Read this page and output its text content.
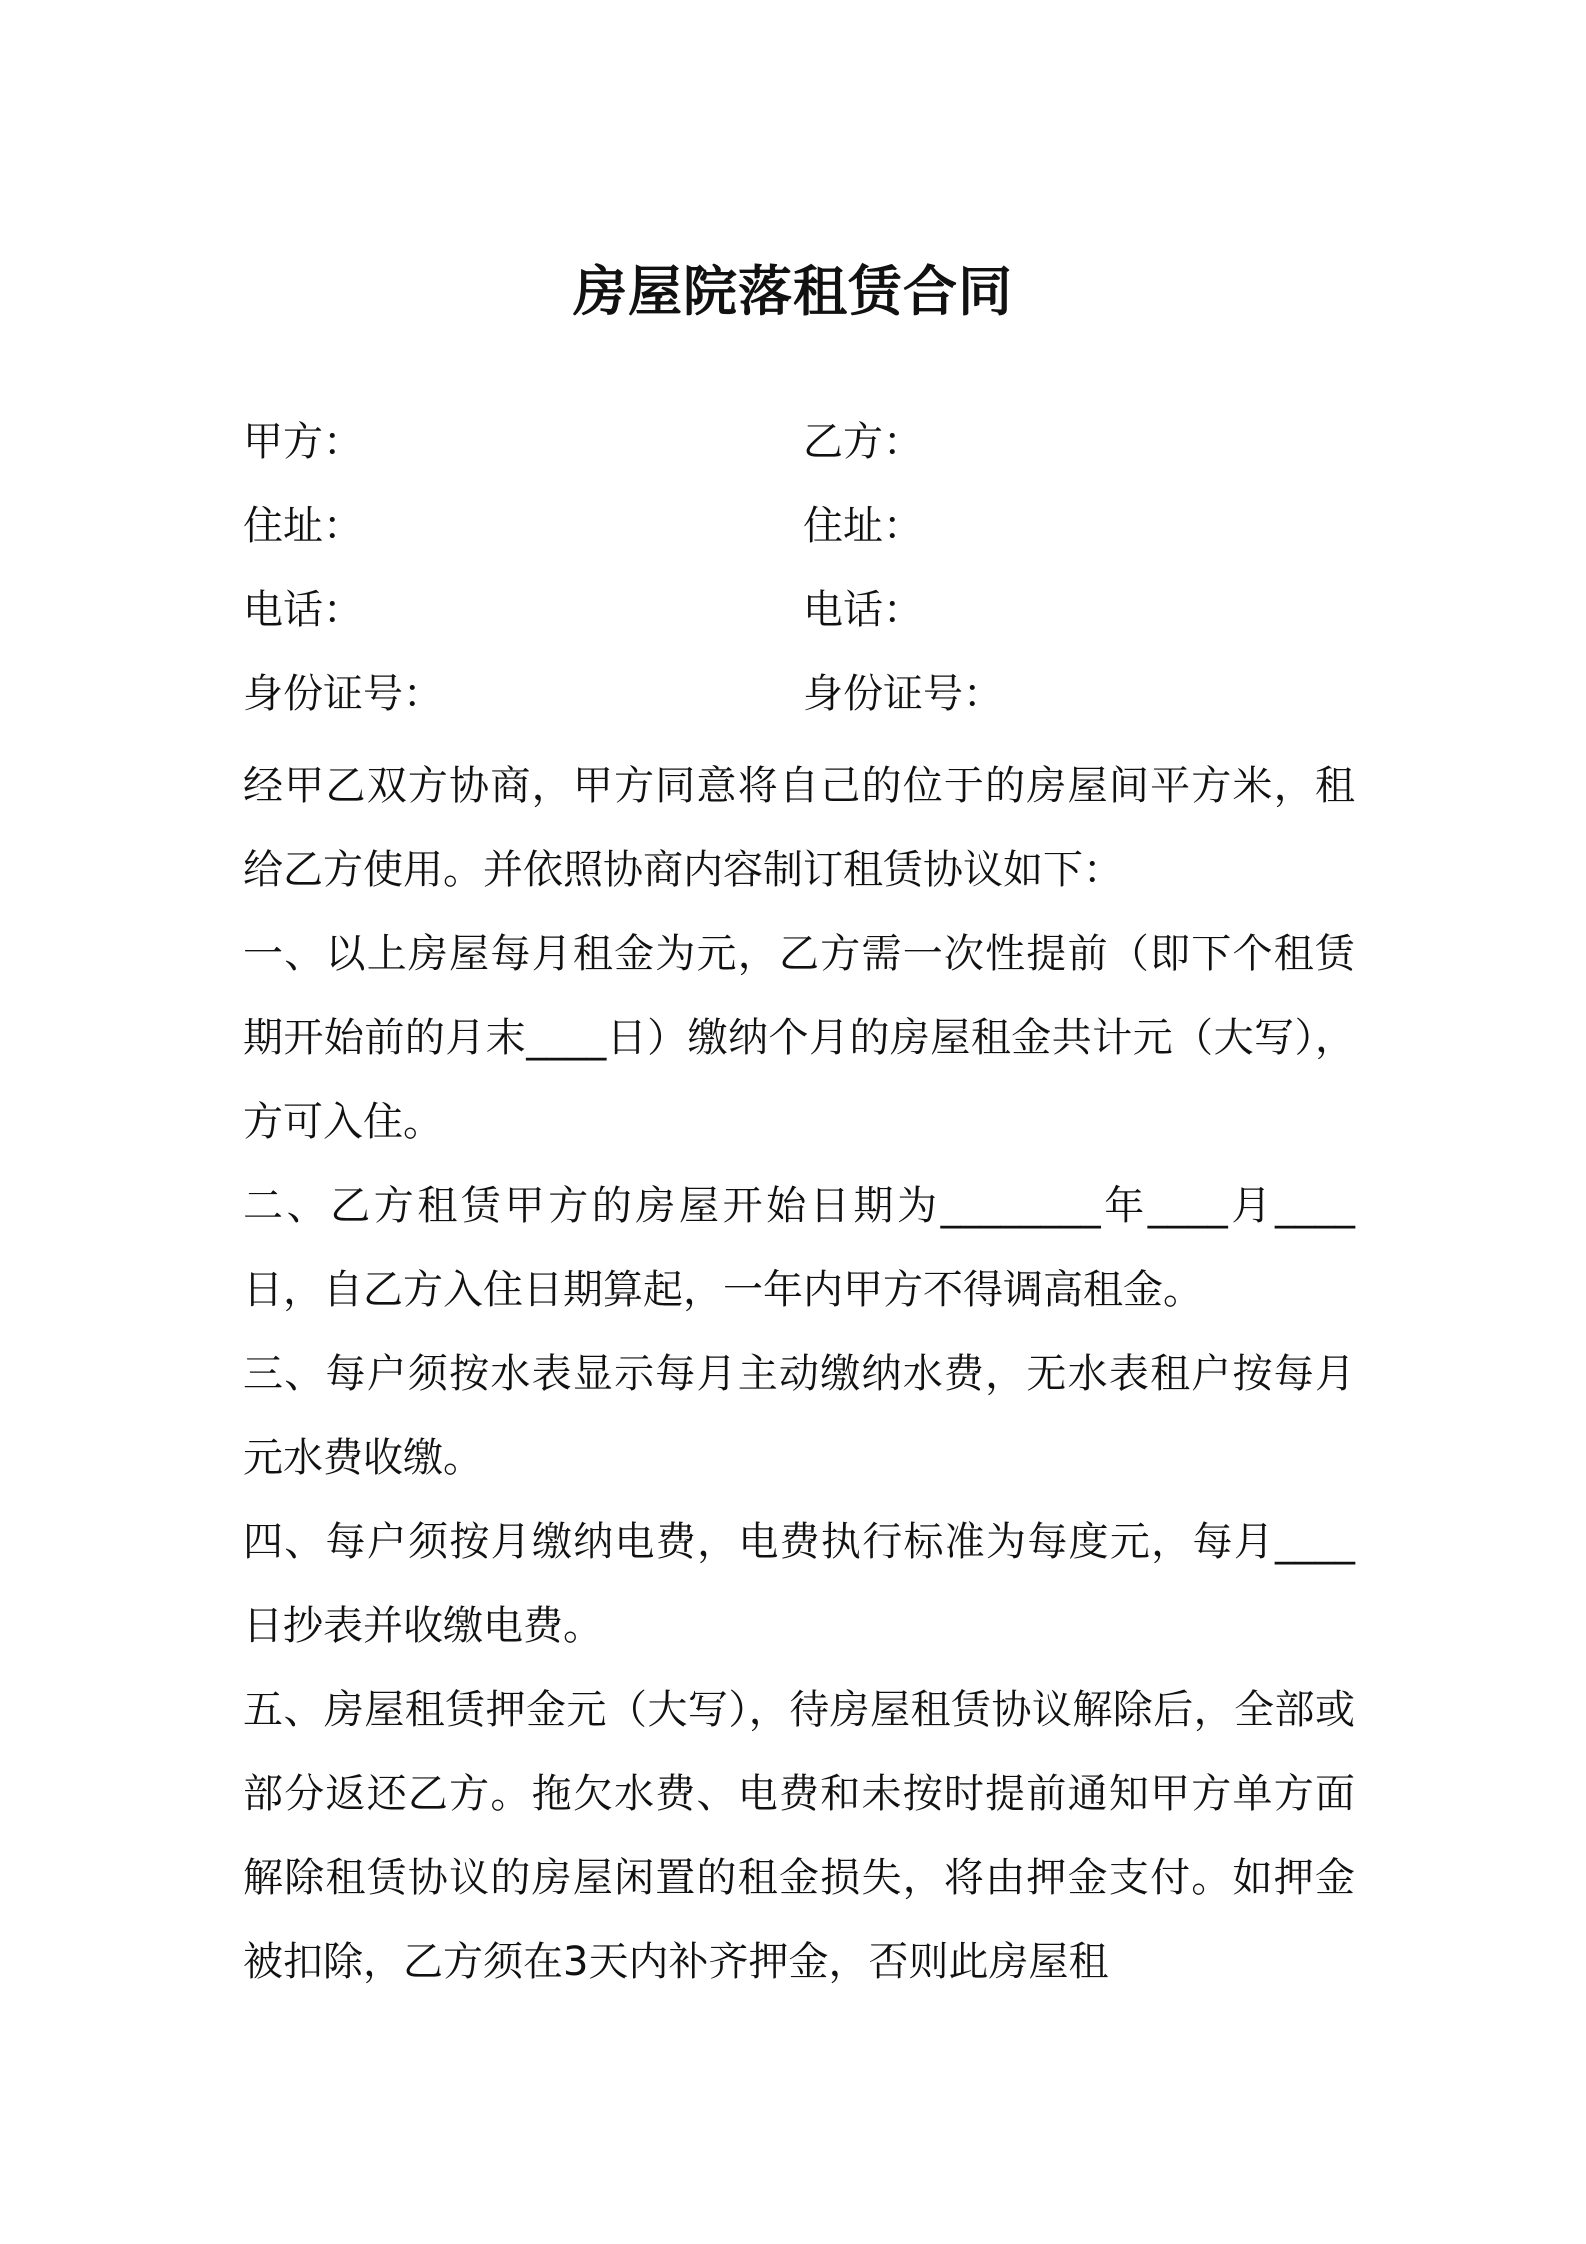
房屋院落租赁合同
甲方：	乙方：
住址：	住址：
电话：	电话：
身份证号：	身份证号：

经甲乙双方协商，甲方同意将自己的位于的房屋间平方米，租给乙方使用。并依照协商内容制订租赁协议如下：

一、以上房屋每月租金为元，乙方需一次性提前（即下个租赁期开始前的月末____日）缴纳个月的房屋租金共计元（大写），方可入住。

二、乙方租赁甲方的房屋开始日期为________年____月____日，自乙方入住日期算起，一年内甲方不得调高租金。

三、每户须按水表显示每月主动缴纳水费，无水表租户按每月元水费收缴。

四、每户须按月缴纳电费，电费执行标准为每度元，每月____日抄表并收缴电费。

五、房屋租赁押金元（大写），待房屋租赁协议解除后，全部或部分返还乙方。拖欠水费、电费和未按时提前通知甲方单方面解除租赁协议的房屋闲置的租金损失，将由押金支付。如押金被扣除，乙方须在3天内补齐押金，否则此房屋租
